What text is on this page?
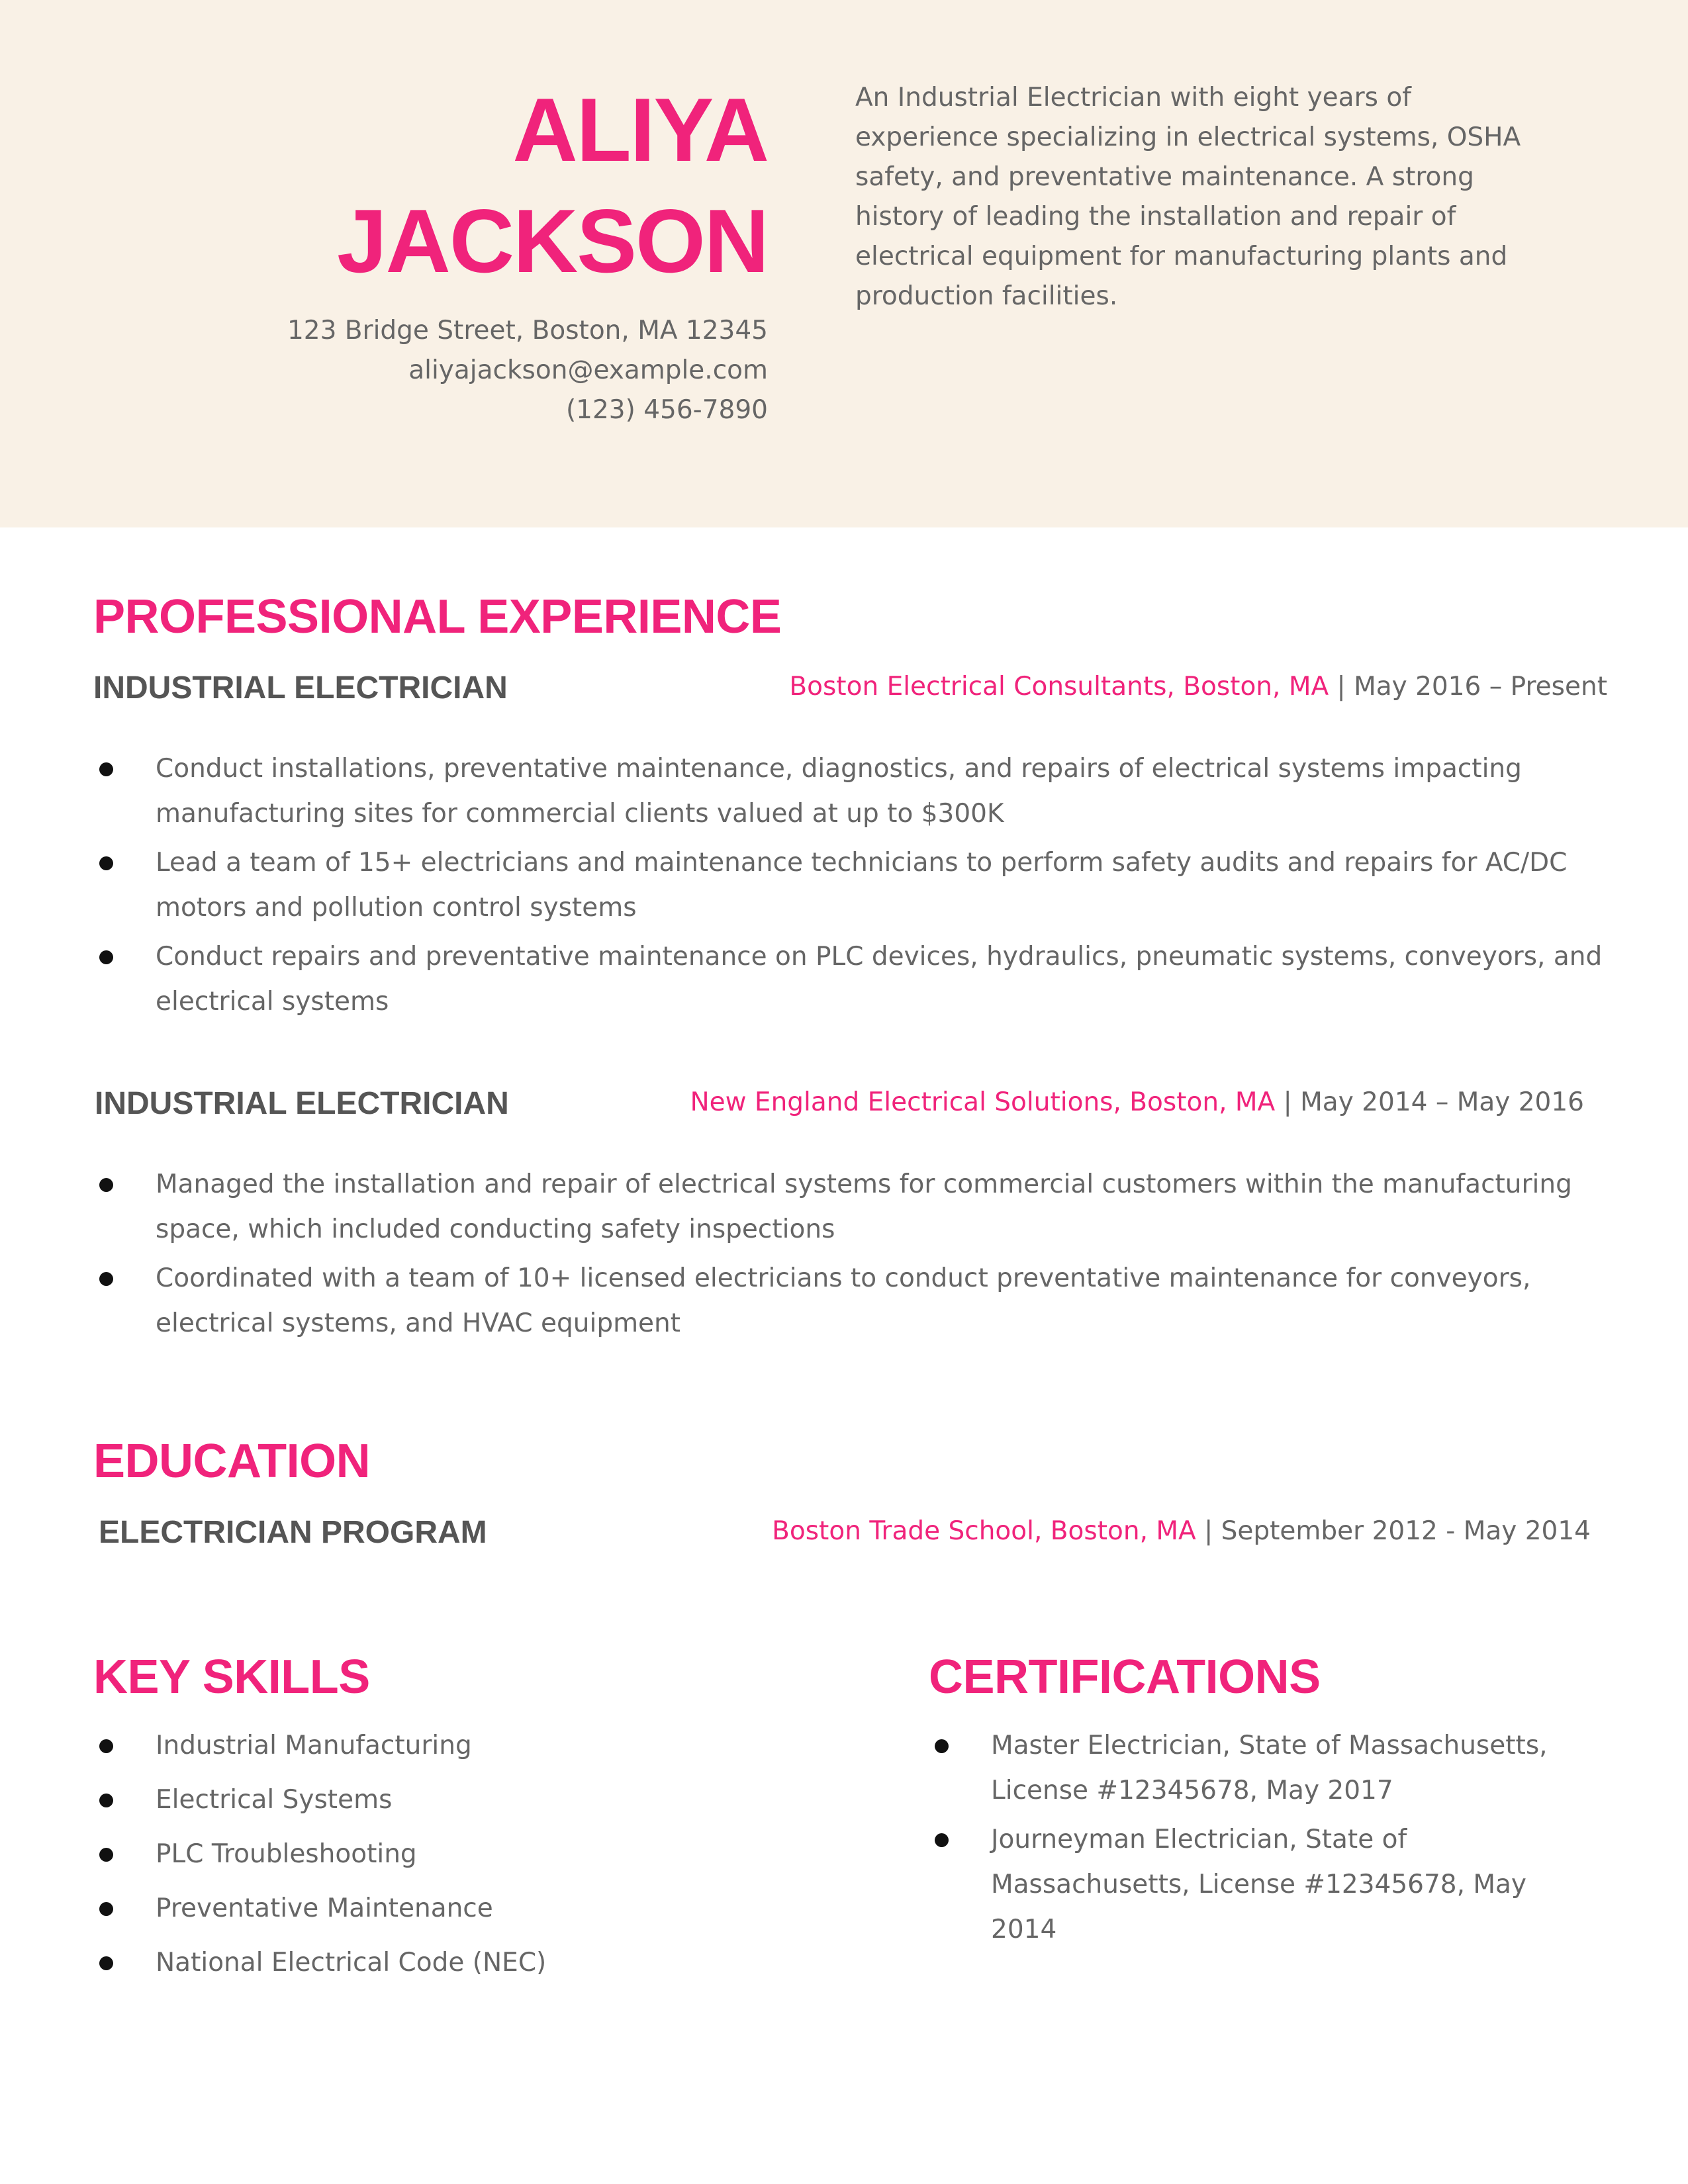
ALIYA
JACKSON
123 Bridge Street, Boston, MA 12345
aliyajackson@example.com
(123) 456-7890
An Industrial Electrician with eight years of experience specializing in electrical systems, OSHA safety, and preventative maintenance. A strong history of leading the installation and repair of electrical equipment for manufacturing plants and production facilities.
PROFESSIONAL EXPERIENCE
INDUSTRIAL ELECTRICIAN	Boston Electrical Consultants, Boston, MA | May 2016 – Present
Conduct installations, preventative maintenance, diagnostics, and repairs of electrical systems impacting manufacturing sites for commercial clients valued at up to $300K
Lead a team of 15+ electricians and maintenance technicians to perform safety audits and repairs for AC/DC motors and pollution control systems
Conduct repairs and preventative maintenance on PLC devices, hydraulics, pneumatic systems, conveyors, and electrical systems
INDUSTRIAL ELECTRICIAN	New England Electrical Solutions, Boston, MA | May 2014 – May 2016
Managed the installation and repair of electrical systems for commercial customers within the manufacturing space, which included conducting safety inspections
Coordinated with a team of 10+ licensed electricians to conduct preventative maintenance for conveyors, electrical systems, and HVAC equipment
EDUCATION
ELECTRICIAN PROGRAM	Boston Trade School, Boston, MA | September 2012 - May 2014
KEY SKILLS
Industrial Manufacturing
Electrical Systems
PLC Troubleshooting
Preventative Maintenance
National Electrical Code (NEC)
CERTIFICATIONS
Master Electrician, State of Massachusetts, License #12345678, May 2017
Journeyman Electrician, State of Massachusetts, License #12345678, May 2014
